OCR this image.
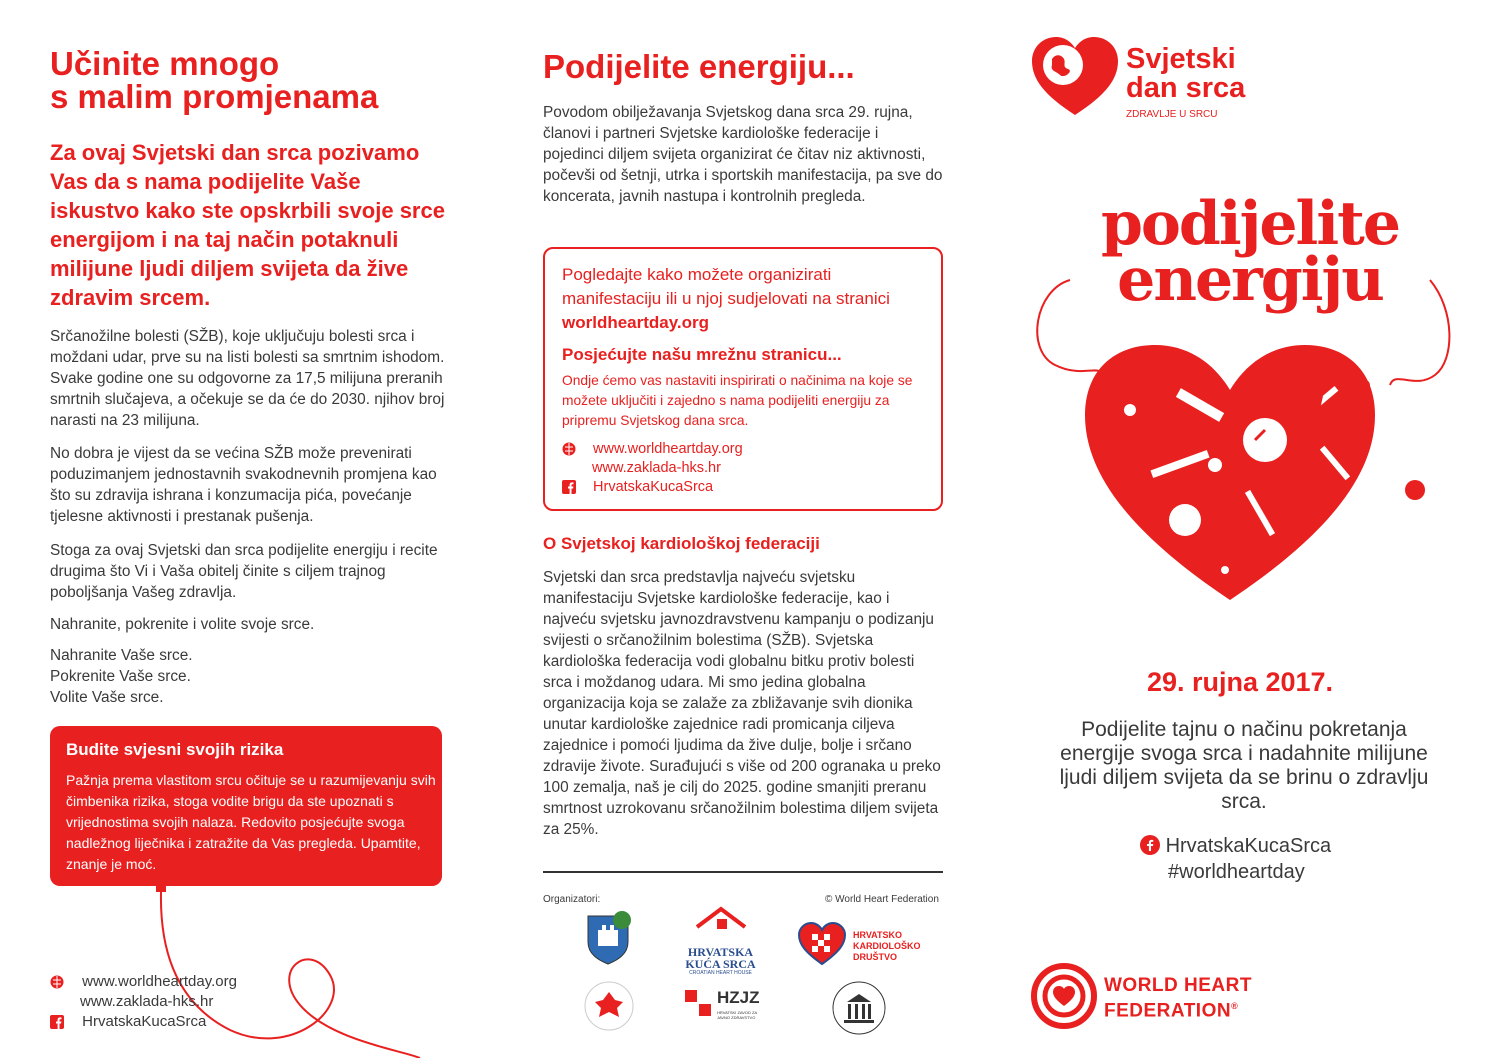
Učinite mnogo
s malim promjenama

Za ovaj Svjetski dan srca pozivamo Vas da s nama podijelite Vaše iskustvo kako ste opskrbili svoje srce energijom i na taj način potaknuli milijune ljudi diljem svijeta da žive zdravim srcem.

Srčanožilne bolesti (SŽB), koje uključuju bolesti srca i moždani udar, prve su na listi bolesti sa smrtnim ishodom. Svake godine one su odgovorne za 17,5 milijuna preranih smrtnih slučajeva, a očekuje se da će do 2030. njihov broj narasti na 23 milijuna.

No dobra je vijest da se većina SŽB može prevenirati poduzimanjem jednostavnih svakodnevnih promjena kao što su zdravija ishrana i konzumacija pića, povećanje tjelesne aktivnosti i prestanak pušenja.

Stoga za ovaj Svjetski dan srca podijelite energiju i recite drugima što Vi i Vaša obitelj činite s ciljem trajnog poboljšanja Vašeg zdravlja.

Nahranite, pokrenite i volite svoje srce.

Nahranite Vaše srce.
Pokrenite Vaše srce.
Volite Vaše srce.
Budite svjesni svojih rizika
Pažnja prema vlastitom srcu očituje se u razumijevanju svih čimbenika rizika, stoga vodite brigu da ste upoznati s vrijednostima svojih nalaza. Redovito posjećujte svoga nadležnog liječnika i zatražite da Vas pregleda. Upamtite, znanje je moć.
www.worldheartday.org
www.zaklada-hks.hr
HrvatskaKucaSrca
Podijelite energiju...

Povodom obilježavanja Svjetskog dana srca 29. rujna, članovi i partneri Svjetske kardiološke federacije i pojedinci diljem svijeta organizirat će čitav niz aktivnosti, počevši od šetnji, utrka i sportskih manifestacija, pa sve do koncerata, javnih nastupa i kontrolnih pregleda.

Pogledajte kako možete organizirati manifestaciju ili u njoj sudjelovati na stranici
worldheartday.org
Posjećujte našu mrežnu stranicu...
Ondje ćemo vas nastaviti inspirirati o načinima na koje se možete uključiti i zajedno s nama podijeliti energiju za pripremu Svjetskog dana srca.
www.worldheartday.org
www.zaklada-hks.hr
HrvatskaKucaSrca
O Svjetskoj kardiološkoj federaciji

Svjetski dan srca predstavlja najveću svjetsku manifestaciju Svjetske kardiološke federacije, kao i najveću svjetsku javnozdravstvenu kampanju o podizanju svijesti o srčanožilnim bolestima (SŽB). Svjetska kardiološka federacija vodi globalnu bitku protiv bolesti srca i moždanog udara. Mi smo jedina globalna organizacija koja se zalaže za zbližavanje svih dionika unutar kardiološke zajednice radi promicanja ciljeva zajednice i pomoći ljudima da žive dulje, bolje i srčano zdravije živote. Surađujući s više od 200 ogranaka u preko 100 zemalja, naš je cilj do 2025. godine smanjiti preranu smrtnost uzrokovanu srčanožilnim bolestima diljem svijeta za 25%.

Organizatori:	© World Heart Federation
HRVATSKA
KUĆA SRCA
CROATIAN HEART HOUSE
HZJZ
HRVATSKI ZAVOD ZA JAVNO ZDRAVSTVO
HRVATSKO
KARDIOLOŠKO
DRUŠTVO
Svjetski
dan srca
ZDRAVLJE U SRCU
podijelite
energiju
29. rujna 2017.
Podijelite tajnu o načinu pokretanja energije svoga srca i nadahnite milijune ljudi diljem svijeta da se brinu o zdravlju srca.
HrvatskaKucaSrca
#worldheartday
WORLD HEART
FEDERATION®
